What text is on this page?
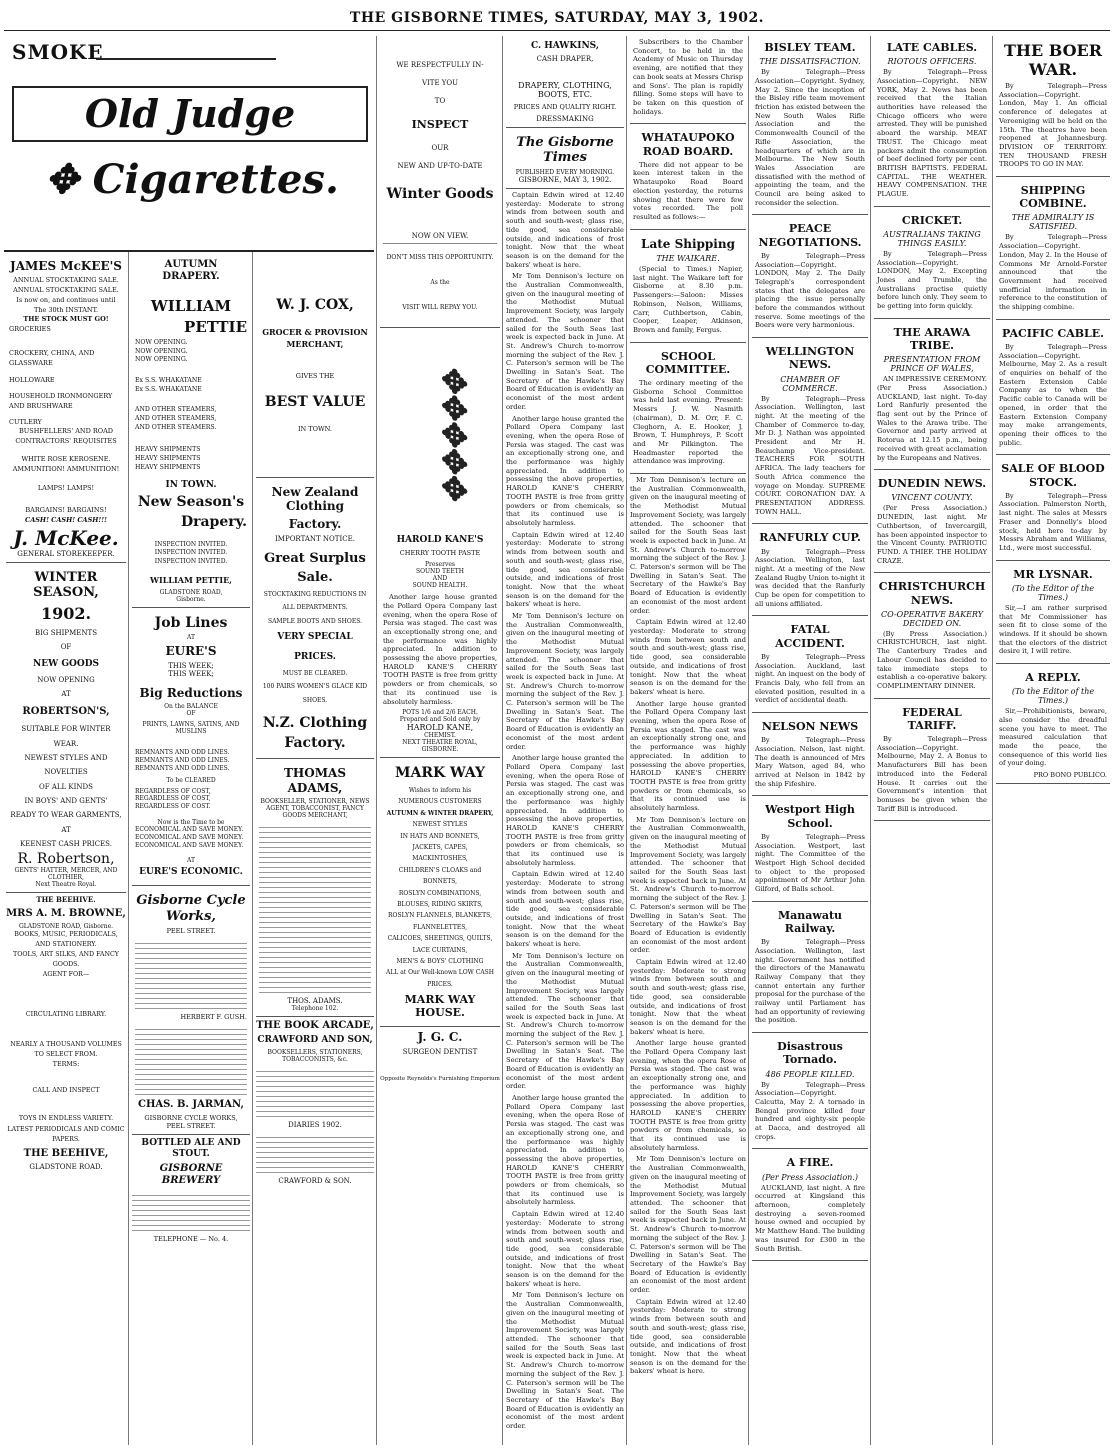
THE GISBORNE TIMES, SATURDAY, MAY 3, 1902.
SMOKE
Old Judge
✥ Cigarettes.
JAMES McKEE'S
ANNUAL STOCKTAKING SALE.
ANNUAL STOCKTAKING SALE.
Is now on, and continues until
The 30th INSTANT.
THE STOCK MUST GO!
GROCERIES
CROCKERY, CHINA, AND GLASSWARE
HOLLOWARE
HOUSEHOLD IRONMONGERY AND BRUSHWARE
CUTLERY
BUSHFELLERS' AND ROAD CONTRACTORS' REQUISITES
WHITE ROSE KEROSENE.
AMMUNITION! AMMUNITION!
LAMPS! LAMPS!
BARGAINS! BARGAINS!
CASH! CASH! CASH!!!
J. McKee.
GENERAL STOREKEEPER.
WINTER SEASON,
1902.
BIG SHIPMENTS
OF
NEW GOODS
NOW OPENING
AT
ROBERTSON'S,
SUITABLE FOR WINTER WEAR.
NEWEST STYLES AND NOVELTIES
OF ALL KINDS
IN BOYS' AND GENTS'
READY TO WEAR GARMENTS, AT
KEENEST CASH PRICES.
R. Robertson,
GENTS' HATTER, MERCER, AND CLOTHIER,
Next Theatre Royal.
THE BEEHIVE.
MRS A. M. BROWNE,
GLADSTONE ROAD, Gisborne.
BOOKS, MUSIC, PERIODICALS, AND STATIONERY.
TOOLS, ART SILKS, AND FANCY GOODS.
AGENT FOR—
CIRCULATING LIBRARY.
NEARLY A THOUSAND VOLUMES TO SELECT FROM.
TERMS:
CALL AND INSPECT
TOYS IN ENDLESS VARIETY.
LATEST PERIODICALS AND COMIC PAPERS.
THE BEEHIVE,
GLADSTONE ROAD.
AUTUMN DRAPERY.
WILLIAM
PETTIE
NOW OPENING.
NOW OPENING.
NOW OPENING.
Ex S.S. WHAKATANE
Ex S.S. WHAKATANE
AND OTHER STEAMERS,
AND OTHER STEAMERS,
AND OTHER STEAMERS.
HEAVY SHIPMENTS
HEAVY SHIPMENTS
HEAVY SHIPMENTS
IN TOWN.
New Season's
Drapery.
INSPECTION INVITED.
INSPECTION INVITED.
INSPECTION INVITED.
WILLIAM PETTIE,
GLADSTONE ROAD,
Gisborne.
Job Lines
AT
EURE'S
THIS WEEK;
THIS WEEK;
Big Reductions
On the BALANCE
OF
PRINTS, LAWNS, SATINS, AND MUSLINS
REMNANTS AND ODD LINES.
REMNANTS AND ODD LINES.
REMNANTS AND ODD LINES.
To be CLEARED
REGARDLESS OF COST,
REGARDLESS OF COST,
REGARDLESS OF COST.
Now is the Time to be
ECONOMICAL AND SAVE MONEY.
ECONOMICAL AND SAVE MONEY.
ECONOMICAL AND SAVE MONEY.
AT
EURE'S ECONOMIC.
Gisborne Cycle Works,
PEEL STREET.
HERBERT F. GUSH.
CHAS. B. JARMAN,
GISBORNE CYCLE WORKS,
PEEL STREET.
BOTTLED ALE AND STOUT.
GISBORNE BREWERY
TELEPHONE — No. 4.
W. J. COX,
GROCER & PROVISION
MERCHANT,
GIVES THE
BEST VALUE
IN TOWN.
New Zealand Clothing
Factory.
IMPORTANT NOTICE.
Great Surplus
Sale.
STOCKTAKING REDUCTIONS IN ALL DEPARTMENTS.
SAMPLE BOOTS AND SHOES.
VERY SPECIAL PRICES.
MUST BE CLEARED.
100 PAIRS WOMEN'S GLACE KID SHOES.
N.Z. Clothing
Factory.
THOMAS ADAMS,
BOOKSELLER, STATIONER, NEWS AGENT, TOBACCONIST, FANCY GOODS MERCHANT,
THOS. ADAMS.
Telephone 102.
THE BOOK ARCADE,
CRAWFORD AND SON,
BOOKSELLERS, STATIONERS, TOBACCONISTS, &c.
DIARIES 1902.
CRAWFORD & SON.
WE RESPECTFULLY IN-
VITE YOU
TO
INSPECT
OUR
NEW AND UP-TO-DATE
Winter Goods
NOW ON VIEW.
DON'T MISS THIS OPPORTUNITY.
As the
VISIT WILL REPAY YOU.
✥✥✥✥✥
HAROLD KANE'S
CHERRY TOOTH PASTE
Preserves
SOUND TEETH
AND
SOUND HEALTH.

Another large house granted the Pollard Opera Company last evening, when the opera Rose of Persia was staged. The cast was an exceptionally strong one, and the performance was highly appreciated. In addition to possessing the above properties, HAROLD KANE'S CHERRY TOOTH PASTE is free from gritty powders or from chemicals, so that its continued use is absolutely harmless.

POTS 1/6 and 2/6 EACH.
Prepared and Sold only by
HAROLD KANE,
CHEMIST.
NEXT THEATRE ROYAL, GISBORNE.
MARK WAY
Wishes to inform his
NUMEROUS CUSTOMERS
AUTUMN & WINTER DRAPERY,
NEWEST STYLES
IN HATS AND BONNETS,
JACKETS, CAPES,
MACKINTOSHES,
CHILDREN'S CLOAKS and
BONNETS,
ROSLYN COMBINATIONS,
BLOUSES, RIDING SKIRTS,
ROSLYN FLANNELS, BLANKETS,
FLANNELETTES,
CALICOES, SHEETINGS, QUILTS,
LACE CURTAINS,
MEN'S & BOYS' CLOTHING
ALL at Our Well-known LOW CASH PRICES.
MARK WAY HOUSE.
J. G. C.
SURGEON DENTIST
Opposite Reynolds's Furnishing Emporium
C. HAWKINS,
CASH DRAPER,
DRAPERY, CLOTHING,
BOOTS, ETC.
PRICES AND QUALITY RIGHT.
DRESSMAKING
The Gisborne Times
PUBLISHED EVERY MORNING.
GISBORNE, MAY 3, 1902.

Captain Edwin wired at 12.40 yesterday: Moderate to strong winds from between south and south and south-west; glass rise, tide good, sea considerable outside, and indications of frost tonight. Now that the wheat season is on the demand for the bakers' wheat is here.

Mr Tom Dennison's lecture on the Australian Commonwealth, given on the inaugural meeting of the Methodist Mutual Improvement Society, was largely attended. The schooner that sailed for the South Seas last week is expected back in June. At St. Andrew's Church to-morrow morning the subject of the Rev. J. C. Paterson's sermon will be The Dwelling in Satan's Seat. The Secretary of the Hawke's Bay Board of Education is evidently an economist of the most ardent order.

Another large house granted the Pollard Opera Company last evening, when the opera Rose of Persia was staged. The cast was an exceptionally strong one, and the performance was highly appreciated. In addition to possessing the above properties, HAROLD KANE'S CHERRY TOOTH PASTE is free from gritty powders or from chemicals, so that its continued use is absolutely harmless.

Captain Edwin wired at 12.40 yesterday: Moderate to strong winds from between south and south and south-west; glass rise, tide good, sea considerable outside, and indications of frost tonight. Now that the wheat season is on the demand for the bakers' wheat is here.

Mr Tom Dennison's lecture on the Australian Commonwealth, given on the inaugural meeting of the Methodist Mutual Improvement Society, was largely attended. The schooner that sailed for the South Seas last week is expected back in June. At St. Andrew's Church to-morrow morning the subject of the Rev. J. C. Paterson's sermon will be The Dwelling in Satan's Seat. The Secretary of the Hawke's Bay Board of Education is evidently an economist of the most ardent order.

Another large house granted the Pollard Opera Company last evening, when the opera Rose of Persia was staged. The cast was an exceptionally strong one, and the performance was highly appreciated. In addition to possessing the above properties, HAROLD KANE'S CHERRY TOOTH PASTE is free from gritty powders or from chemicals, so that its continued use is absolutely harmless.

Captain Edwin wired at 12.40 yesterday: Moderate to strong winds from between south and south and south-west; glass rise, tide good, sea considerable outside, and indications of frost tonight. Now that the wheat season is on the demand for the bakers' wheat is here.

Mr Tom Dennison's lecture on the Australian Commonwealth, given on the inaugural meeting of the Methodist Mutual Improvement Society, was largely attended. The schooner that sailed for the South Seas last week is expected back in June. At St. Andrew's Church to-morrow morning the subject of the Rev. J. C. Paterson's sermon will be The Dwelling in Satan's Seat. The Secretary of the Hawke's Bay Board of Education is evidently an economist of the most ardent order.

Another large house granted the Pollard Opera Company last evening, when the opera Rose of Persia was staged. The cast was an exceptionally strong one, and the performance was highly appreciated. In addition to possessing the above properties, HAROLD KANE'S CHERRY TOOTH PASTE is free from gritty powders or from chemicals, so that its continued use is absolutely harmless.

Captain Edwin wired at 12.40 yesterday: Moderate to strong winds from between south and south and south-west; glass rise, tide good, sea considerable outside, and indications of frost tonight. Now that the wheat season is on the demand for the bakers' wheat is here.

Mr Tom Dennison's lecture on the Australian Commonwealth, given on the inaugural meeting of the Methodist Mutual Improvement Society, was largely attended. The schooner that sailed for the South Seas last week is expected back in June. At St. Andrew's Church to-morrow morning the subject of the Rev. J. C. Paterson's sermon will be The Dwelling in Satan's Seat. The Secretary of the Hawke's Bay Board of Education is evidently an economist of the most ardent order.

Subscribers to the Chamber Concert, to be held in the Academy of Music on Thursday evening, are notified that they can book seats at Messrs Chrisp and Sons'. The plan is rapidly filling. Some steps will have to be taken on this question of holidays.

WHATAUPOKO ROAD BOARD.

There did not appear to be keen interest taken in the Whataupoko Road Board election yesterday, the returns showing that there were few votes recorded. The poll resulted as follows:—

Late Shipping
THE WAIKARE.

(Special to Times.) Napier, last night. The Waikare left for Gisborne at 8.30 p.m. Passengers:—Saloon: Misses Robinson, Nelson, Williams, Carr, Cuthbertson, Cabin, Cooper, Leaper, Atkinson, Brown and family, Fergus.

SCHOOL COMMITTEE.

The ordinary meeting of the Gisborne School Committee was held last evening. Present: Messrs J. W. Nasmith (chairman), D. M. Orr, F. C. Cleghorn, A. E. Hooker, J. Brown, T. Humphreys, P. Scott and Mr Pilkington. The Headmaster reported the attendance was improving.

Mr Tom Dennison's lecture on the Australian Commonwealth, given on the inaugural meeting of the Methodist Mutual Improvement Society, was largely attended. The schooner that sailed for the South Seas last week is expected back in June. At St. Andrew's Church to-morrow morning the subject of the Rev. J. C. Paterson's sermon will be The Dwelling in Satan's Seat. The Secretary of the Hawke's Bay Board of Education is evidently an economist of the most ardent order.

Captain Edwin wired at 12.40 yesterday: Moderate to strong winds from between south and south and south-west; glass rise, tide good, sea considerable outside, and indications of frost tonight. Now that the wheat season is on the demand for the bakers' wheat is here.

Another large house granted the Pollard Opera Company last evening, when the opera Rose of Persia was staged. The cast was an exceptionally strong one, and the performance was highly appreciated. In addition to possessing the above properties, HAROLD KANE'S CHERRY TOOTH PASTE is free from gritty powders or from chemicals, so that its continued use is absolutely harmless.

Mr Tom Dennison's lecture on the Australian Commonwealth, given on the inaugural meeting of the Methodist Mutual Improvement Society, was largely attended. The schooner that sailed for the South Seas last week is expected back in June. At St. Andrew's Church to-morrow morning the subject of the Rev. J. C. Paterson's sermon will be The Dwelling in Satan's Seat. The Secretary of the Hawke's Bay Board of Education is evidently an economist of the most ardent order.

Captain Edwin wired at 12.40 yesterday: Moderate to strong winds from between south and south and south-west; glass rise, tide good, sea considerable outside, and indications of frost tonight. Now that the wheat season is on the demand for the bakers' wheat is here.

Another large house granted the Pollard Opera Company last evening, when the opera Rose of Persia was staged. The cast was an exceptionally strong one, and the performance was highly appreciated. In addition to possessing the above properties, HAROLD KANE'S CHERRY TOOTH PASTE is free from gritty powders or from chemicals, so that its continued use is absolutely harmless.

Mr Tom Dennison's lecture on the Australian Commonwealth, given on the inaugural meeting of the Methodist Mutual Improvement Society, was largely attended. The schooner that sailed for the South Seas last week is expected back in June. At St. Andrew's Church to-morrow morning the subject of the Rev. J. C. Paterson's sermon will be The Dwelling in Satan's Seat. The Secretary of the Hawke's Bay Board of Education is evidently an economist of the most ardent order.

Captain Edwin wired at 12.40 yesterday: Moderate to strong winds from between south and south and south-west; glass rise, tide good, sea considerable outside, and indications of frost tonight. Now that the wheat season is on the demand for the bakers' wheat is here.

BISLEY TEAM.
THE DISSATISFACTION.

By Telegraph—Press Association—Copyright. Sydney, May 2. Since the inception of the Bisley rifle team movement friction has existed between the New South Wales Rifle Association and the Commonwealth Council of the Rifle Association, the headquarters of which are in Melbourne. The New South Wales Association are dissatisfied with the method of appointing the team, and the Council are being asked to reconsider the selection.

PEACE NEGOTIATIONS.

By Telegraph—Press Association—Copyright. LONDON, May 2. The Daily Telegraph's correspondent states that the delegates are placing the issue personally before the commandos without reserve. Some meetings of the Boers were very harmonious.

WELLINGTON NEWS.
CHAMBER OF COMMERCE.

By Telegraph—Press Association. Wellington, last night. At the meeting of the Chamber of Commerce to-day, Mr D. J. Nathan was appointed President and Mr H. Beauchamp Vice-president. TEACHERS FOR SOUTH AFRICA. The lady teachers for South Africa commence the voyage on Monday. SUPREME COURT. CORONATION DAY. A PRESENTATION ADDRESS. TOWN HALL.

RANFURLY CUP.

By Telegraph—Press Association. Wellington, last night. At a meeting of the New Zealand Rugby Union to-night it was decided that the Ranfurly Cup be open for competition to all unions affiliated.

FATAL ACCIDENT.

By Telegraph—Press Association. Auckland, last night. An inquest on the body of Francis Daly, who fell from an elevated position, resulted in a verdict of accidental death.

NELSON NEWS

By Telegraph—Press Association. Nelson, last night. The death is announced of Mrs Mary Watson, aged 84, who arrived at Nelson in 1842 by the ship Fifeshire.

Westport High School.

By Telegraph—Press Association. Westport, last night. The Committee of the Westport High School decided to object to the proposed appointment of Mr Arthur John Gilford, of Balls school.

Manawatu Railway.

By Telegraph—Press Association. Wellington, last night. Government has notified the directors of the Manawatu Railway Company that they cannot entertain any further proposal for the purchase of the railway until Parliament has had an opportunity of reviewing the position.

Disastrous Tornado.
486 PEOPLE KILLED.

By Telegraph—Press Association—Copyright. Calcutta, May 2. A tornado in Bengal province killed four hundred and eighty-six people at Dacca, and destroyed all crops.

A FIRE.
(Per Press Association.)

AUCKLAND, last night. A fire occurred at Kingsland this afternoon, completely destroying a seven-roomed house owned and occupied by Mr Matthew Hand. The building was insured for £300 in the South British.

LATE CABLES.
RIOTOUS OFFICERS.

By Telegraph—Press Association—Copyright. NEW YORK, May 2. News has been received that the Italian authorities have released the Chicago officers who were arrested. They will be punished aboard the warship. MEAT TRUST. The Chicago meat packers admit the consumption of beef declined forty per cent. BRITISH BAPTISTS. FEDERAL CAPITAL. THE WEATHER. HEAVY COMPENSATION. THE PLAGUE.

CRICKET.
AUSTRALIANS TAKING THINGS EASILY.

By Telegraph—Press Association—Copyright. LONDON, May 2. Excepting Jones and Trumble, the Australians practise quietly before lunch only. They seem to be getting into form quickly.

THE ARAWA TRIBE.
PRESENTATION FROM PRINCE OF WALES,

AN IMPRESSIVE CEREMONY. (Per Press Association.) AUCKLAND, last night. To-day Lord Ranfurly presented the flag sent out by the Prince of Wales to the Arawa tribe. The Governor and party arrived at Rotorua at 12.15 p.m., being received with great acclamation by the Europeans and Natives.

DUNEDIN NEWS.
VINCENT COUNTY.

(Per Press Association.) DUNEDIN, last night. Mr Cuthbertson, of Invercargill, has been appointed inspector to the Vincent County. PATRIOTIC FUND. A THIEF. THE HOLIDAY CRAZE.

CHRISTCHURCH NEWS.
CO-OPERATIVE BAKERY DECIDED ON.

(By Press Association.) CHRISTCHURCH, last night. The Canterbury Trades and Labour Council has decided to take immediate steps to establish a co-operative bakery. COMPLIMENTARY DINNER.

FEDERAL TARIFF.

By Telegraph—Press Association—Copyright. Melbourne, May 2. A Bonus to Manufacturers Bill has been introduced into the Federal House. It carries out the Government's intention that bonuses be given when the Tariff Bill is introduced.

THE BOER WAR.

By Telegraph—Press Association—Copyright. London, May 1. An official conference of delegates at Vereeniging will be held on the 15th. The theatres have been reopened at Johannesburg. DIVISION OF TERRITORY. TEN THOUSAND FRESH TROOPS TO GO IN MAY.

SHIPPING COMBINE.
THE ADMIRALTY IS SATISFIED.

By Telegraph—Press Association—Copyright. London, May 2. In the House of Commons Mr Arnold-Forster announced that the Government had received unofficial information in reference to the constitution of the shipping combine.

PACIFIC CABLE.

By Telegraph—Press Association—Copyright. Melbourne, May 2. As a result of enquiries on behalf of the Eastern Extension Cable Company as to when the Pacific cable to Canada will be opened, in order that the Eastern Extension Company may make arrangements, opening their offices to the public.

SALE OF BLOOD STOCK.

By Telegraph—Press Association. Palmerston North, last night. The sales at Messrs Fraser and Donnelly's blood stock, held here to-day by Messrs Abraham and Williams, Ltd., were most successful.

MR LYSNAR.
(To the Editor of the Times.)

Sir,—I am rather surprised that Mr Commissioner has seen fit to close some of the windows. If it should be shown that the electors of the district desire it, I will retire.

A REPLY.
(To the Editor of the Times.)

Sir,—Prohibitionists, beware, also consider the dreadful scene you have to meet. The measured calculation that made the peace, the consequence of this world lies of your doing.

PRO BONO PUBLICO.
